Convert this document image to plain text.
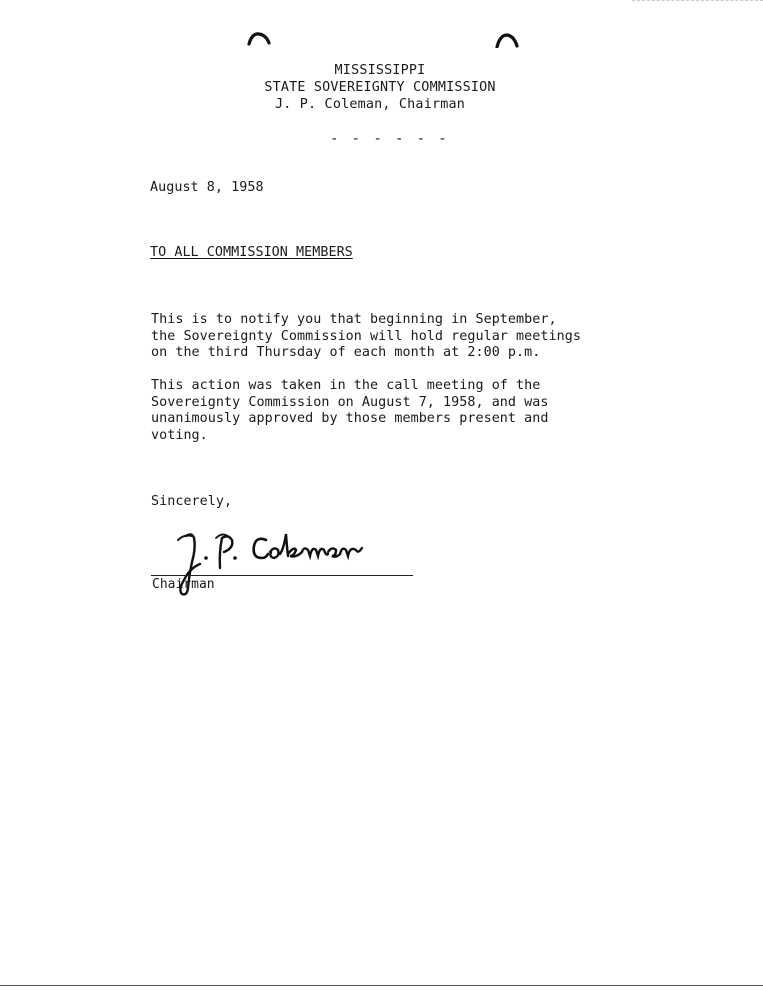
MISSISSIPPI
STATE SOVEREIGNTY COMMISSION
J. P. Coleman, Chairman
- - - - - -
August 8, 1958
TO ALL COMMISSION MEMBERS
This is to notify you that beginning in September,
the Sovereignty Commission will hold regular meetings
on the third Thursday of each month at 2:00 p.m.
This action was taken in the call meeting of the
Sovereignty Commission on August 7, 1958, and was
unanimously approved by those members present and
voting.
Sincerely,
Chairman
